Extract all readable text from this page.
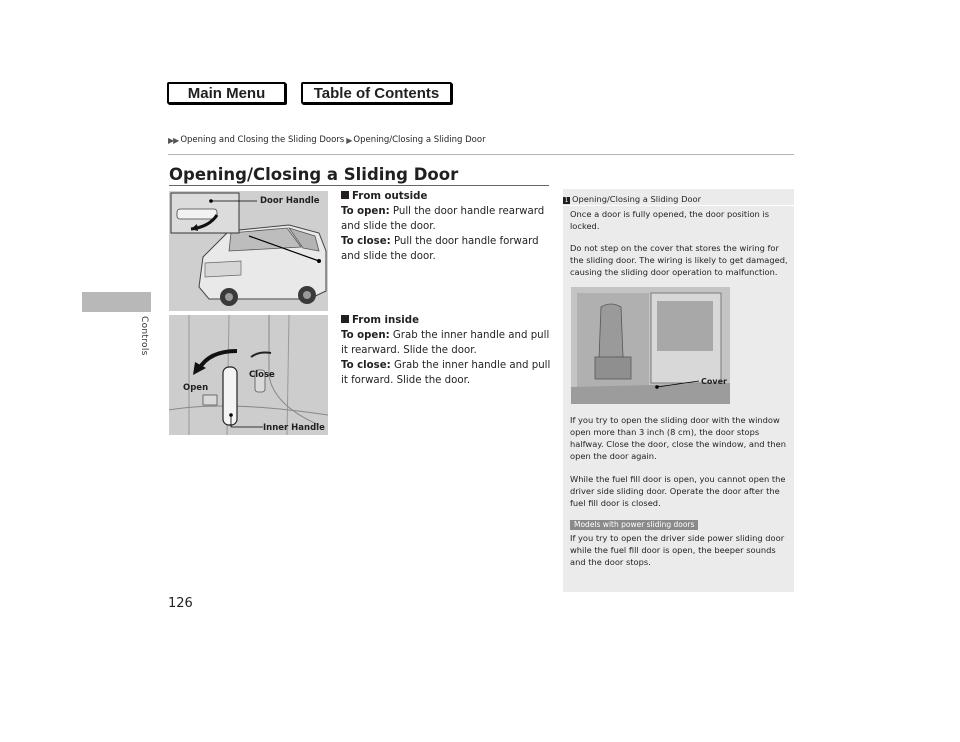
Main Menu	Table of Contents
▶▶ Opening and Closing the Sliding Doors ▶ Opening/Closing a Sliding Door
Controls
Opening/Closing a Sliding Door
Door Handle
Close
Open
Inner Handle

From outside

To open: Pull the door handle rearward and slide the door.

To close: Pull the door handle forward and slide the door.

From inside

To open: Grab the inner handle and pull it rearward. Slide the door.

To close: Grab the inner handle and pull it forward. Slide the door.

1 Opening/Closing a Sliding Door

Once a door is fully opened, the door position is locked.

Do not step on the cover that stores the wiring for the sliding door. The wiring is likely to get damaged, causing the sliding door operation to malfunction.

Cover

If you try to open the sliding door with the window open more than 3 inch (8 cm), the door stops halfway. Close the door, close the window, and then open the door again.

While the fuel fill door is open, you cannot open the driver side sliding door. Operate the door after the fuel fill door is closed.

Models with power sliding doors

If you try to open the driver side power sliding door while the fuel fill door is open, the beeper sounds and the door stops.

126
